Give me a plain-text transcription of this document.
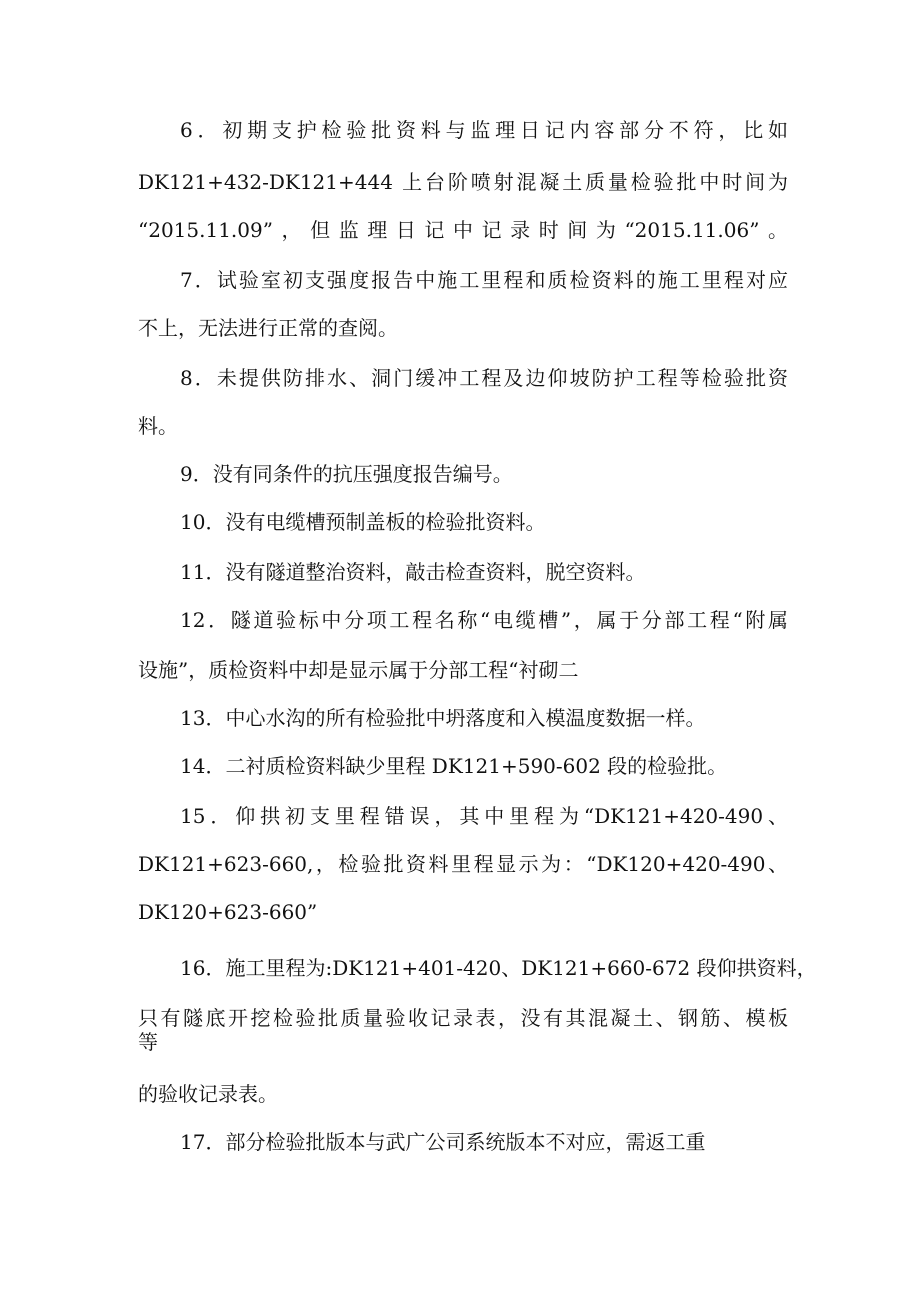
6．初期支护检验批资料与监理日记内容部分不符，比如
DK121+432-DK121+444 上台阶喷射混凝土质量检验批中时间为
“2015.11.09”，但监理日记中记录时间为“2015.11.06”。
7．试验室初支强度报告中施工里程和质检资料的施工里程对应
不上，无法进行正常的查阅。
8．未提供防排水、洞门缓冲工程及边仰坡防护工程等检验批资
料。
9．没有同条件的抗压强度报告编号。
10．没有电缆槽预制盖板的检验批资料。
11．没有隧道整治资料，敲击检查资料，脱空资料。
12．隧道验标中分项工程名称“电缆槽”，属于分部工程“附属
设施”，质检资料中却是显示属于分部工程“衬砌二
13．中心水沟的所有检验批中坍落度和入模温度数据一样。
14．二衬质检资料缺少里程 DK121+590-602 段的检验批。
15．仰拱初支里程错误，其中里程为“DK121+420-490、
DK121+623-660,，检验批资料里程显示为：“DK120+420-490、
DK120+623-660”
16．施工里程为:DK121+401-420、DK121+660-672 段仰拱资料，
只有隧底开挖检验批质量验收记录表，没有其混凝土、钢筋、模板
等
的验收记录表。
17．部分检验批版本与武广公司系统版本不对应，需返工重
